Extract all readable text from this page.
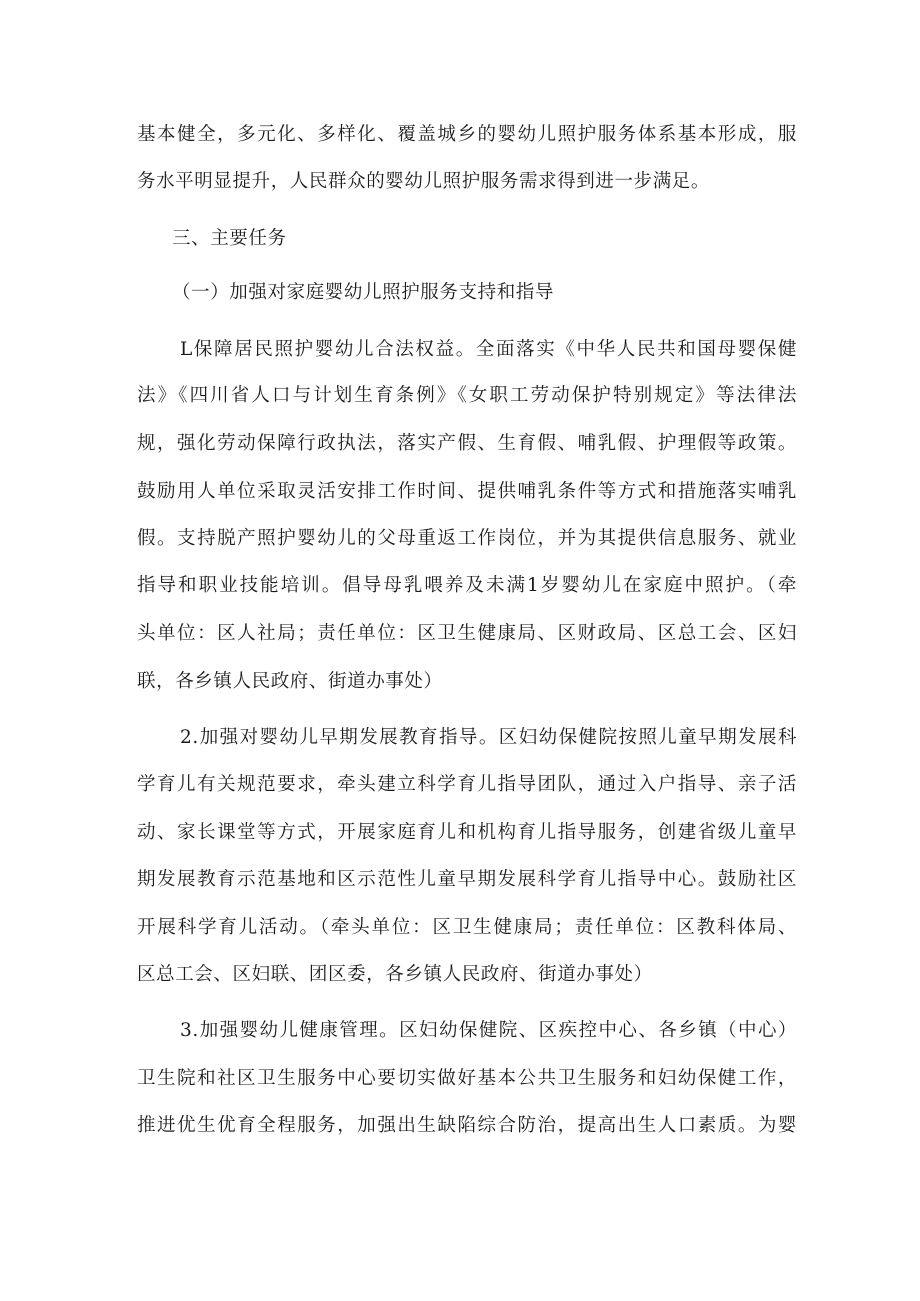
基本健全，多元化、多样化、覆盖城乡的婴幼儿照护服务体系基本形成，服
务水平明显提升，人民群众的婴幼儿照护服务需求得到进一步满足。
三、主要任务
（一）加强对家庭婴幼儿照护服务支持和指导
L保障居民照护婴幼儿合法权益。全面落实《中华人民共和国母婴保健
法》《四川省人口与计划生育条例》《女职工劳动保护特别规定》等法律法
规，强化劳动保障行政执法，落实产假、生育假、哺乳假、护理假等政策。
鼓励用人单位采取灵活安排工作时间、提供哺乳条件等方式和措施落实哺乳
假。支持脱产照护婴幼儿的父母重返工作岗位，并为其提供信息服务、就业
指导和职业技能培训。倡导母乳喂养及未满1岁婴幼儿在家庭中照护。（牵
头单位：区人社局；责任单位：区卫生健康局、区财政局、区总工会、区妇
联，各乡镇人民政府、街道办事处）
2.加强对婴幼儿早期发展教育指导。区妇幼保健院按照儿童早期发展科
学育儿有关规范要求，牵头建立科学育儿指导团队，通过入户指导、亲子活
动、家长课堂等方式，开展家庭育儿和机构育儿指导服务，创建省级儿童早
期发展教育示范基地和区示范性儿童早期发展科学育儿指导中心。鼓励社区
开展科学育儿活动。（牵头单位：区卫生健康局；责任单位：区教科体局、
区总工会、区妇联、团区委，各乡镇人民政府、街道办事处）
3.加强婴幼儿健康管理。区妇幼保健院、区疾控中心、各乡镇（中心）
卫生院和社区卫生服务中心要切实做好基本公共卫生服务和妇幼保健工作，
推进优生优育全程服务，加强出生缺陷综合防治，提高出生人口素质。为婴
